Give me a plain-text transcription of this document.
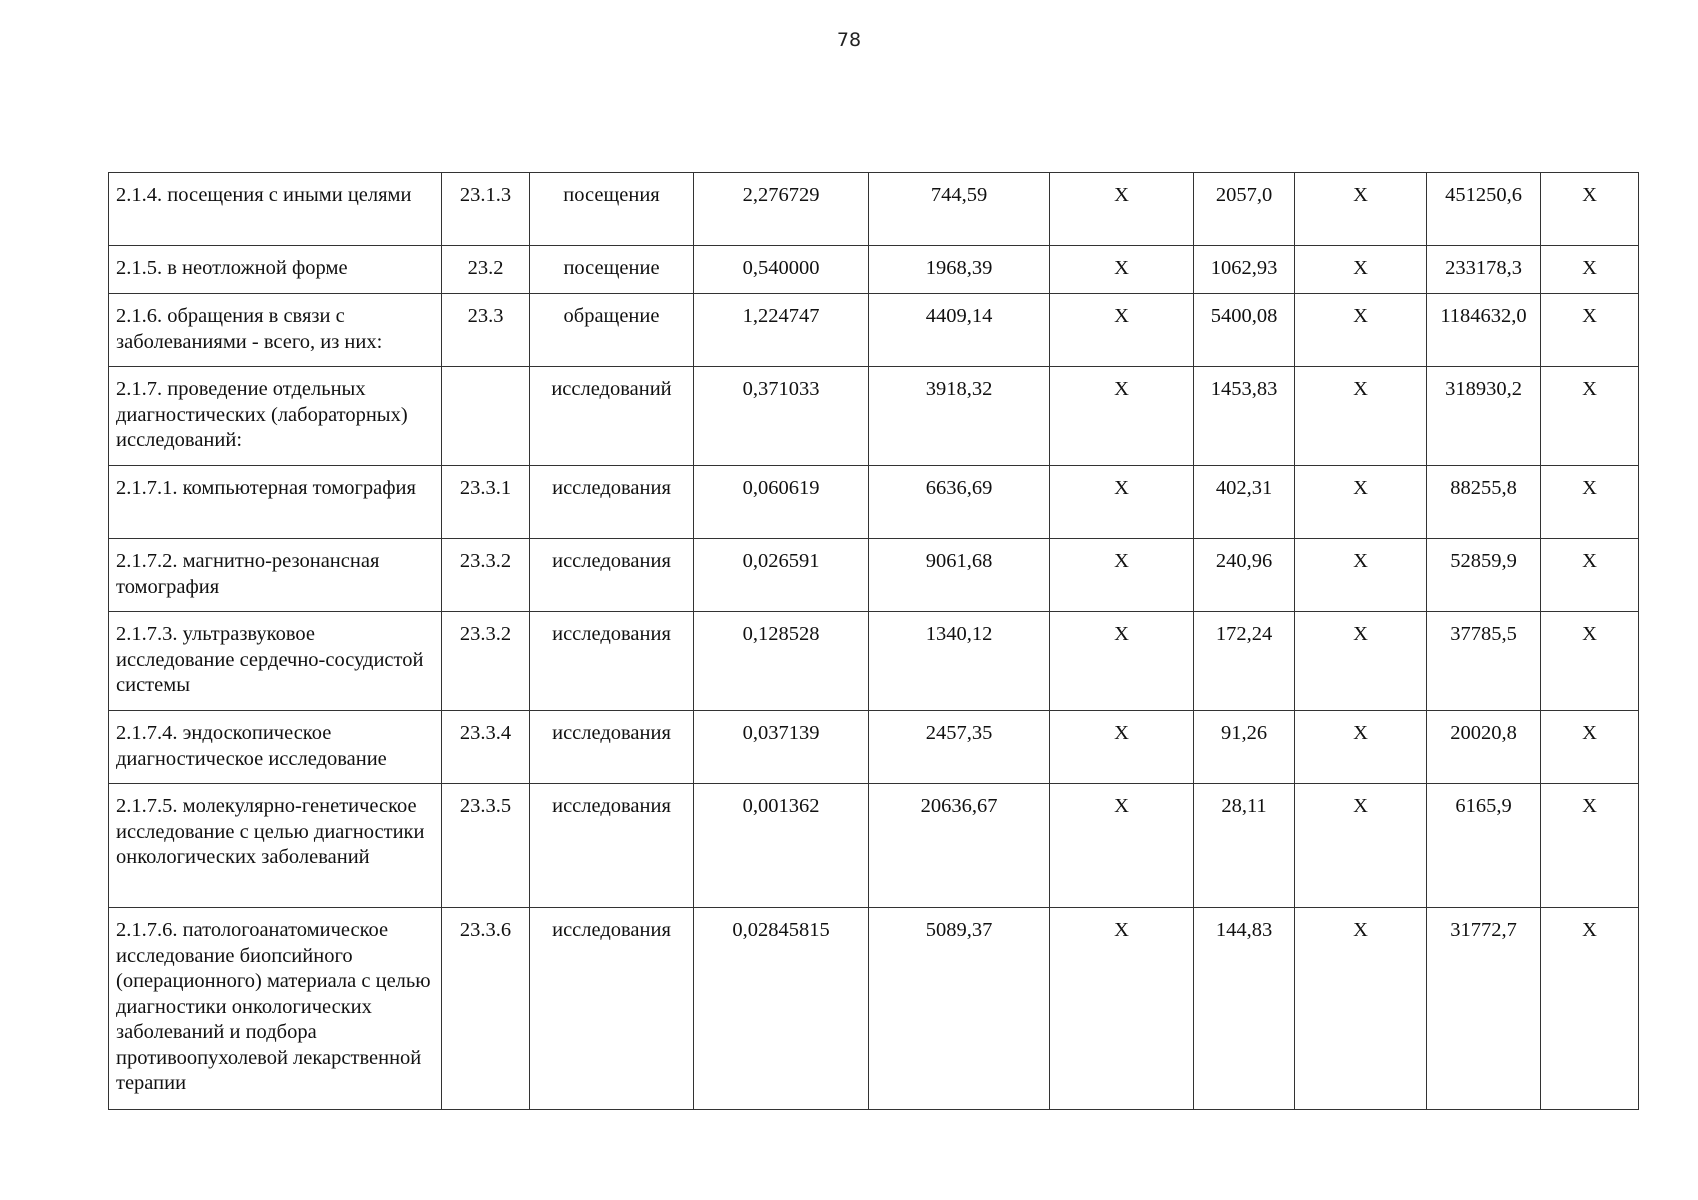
78
2.1.4. посещения с иными целями	23.1.3	посещения	2,276729	744,59	X	2057,0	X	451250,6	X
2.1.5. в неотложной форме	23.2	посещение	0,540000	1968,39	X	1062,93	X	233178,3	X
2.1.6. обращения в связи с заболеваниями - всего, из них:	23.3	обращение	1,224747	4409,14	X	5400,08	X	1184632,0	X
2.1.7. проведение отдельных диагностических (лабораторных) исследований:		исследований	0,371033	3918,32	X	1453,83	X	318930,2	X
2.1.7.1. компьютерная томография	23.3.1	исследования	0,060619	6636,69	X	402,31	X	88255,8	X
2.1.7.2. магнитно-резонансная томография	23.3.2	исследования	0,026591	9061,68	X	240,96	X	52859,9	X
2.1.7.3. ультразвуковое исследование сердечно-сосудистой системы	23.3.2	исследования	0,128528	1340,12	X	172,24	X	37785,5	X
2.1.7.4. эндоскопическое диагностическое исследование	23.3.4	исследования	0,037139	2457,35	X	91,26	X	20020,8	X
2.1.7.5. молекулярно-генетическое исследование с целью диагностики онкологических заболеваний	23.3.5	исследования	0,001362	20636,67	X	28,11	X	6165,9	X
2.1.7.6. патологоанатомическое исследование биопсийного (операционного) материала с целью диагностики онкологических заболеваний и подбора противоопухолевой лекарственной терапии	23.3.6	исследования	0,02845815	5089,37	X	144,83	X	31772,7	X
